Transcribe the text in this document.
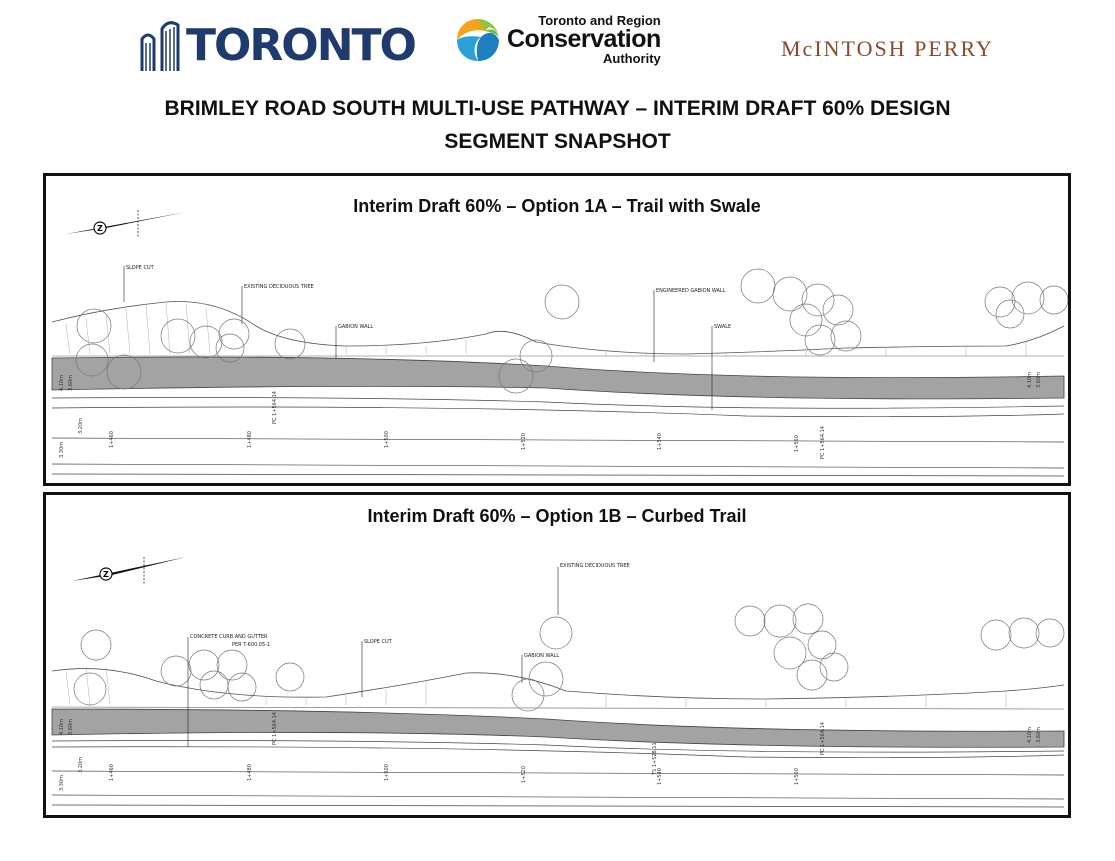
TORONTO	Toronto and Region
Conservation
Authority	McINTOSH PERRY
BRIMLEY ROAD SOUTH MULTI-USE PATHWAY – INTERIM DRAFT 60% DESIGN
SEGMENT SNAPSHOT
Z
SLOPE CUT
EXISTING DECIDUOUS TREE
GABION WALL
ENGINEERED GABION WALL
SWALE
4.10m 3.60m
3.20m
3.30m
4.10m 3.60m
PC 1+564.14
PC 1+564.14
1+460	1+480	1+500	1+520	1+540	1+560
Interim Draft 60% – Option 1A – Trail with Swale
Z
CONCRETE CURB AND GUTTER
PER T-600.05-1	SLOPE CUT
GABION WALL
EXISTING DECIDUOUS TREE
4.10m 3.60m
3.20m
3.30m
4.10m 3.60m
PC 1+564.14
TS 1+528.11
PC 1+564.14
1+460	1+480	1+500	1+520	1+540	1+560
Interim Draft 60% – Option 1B – Curbed Trail
